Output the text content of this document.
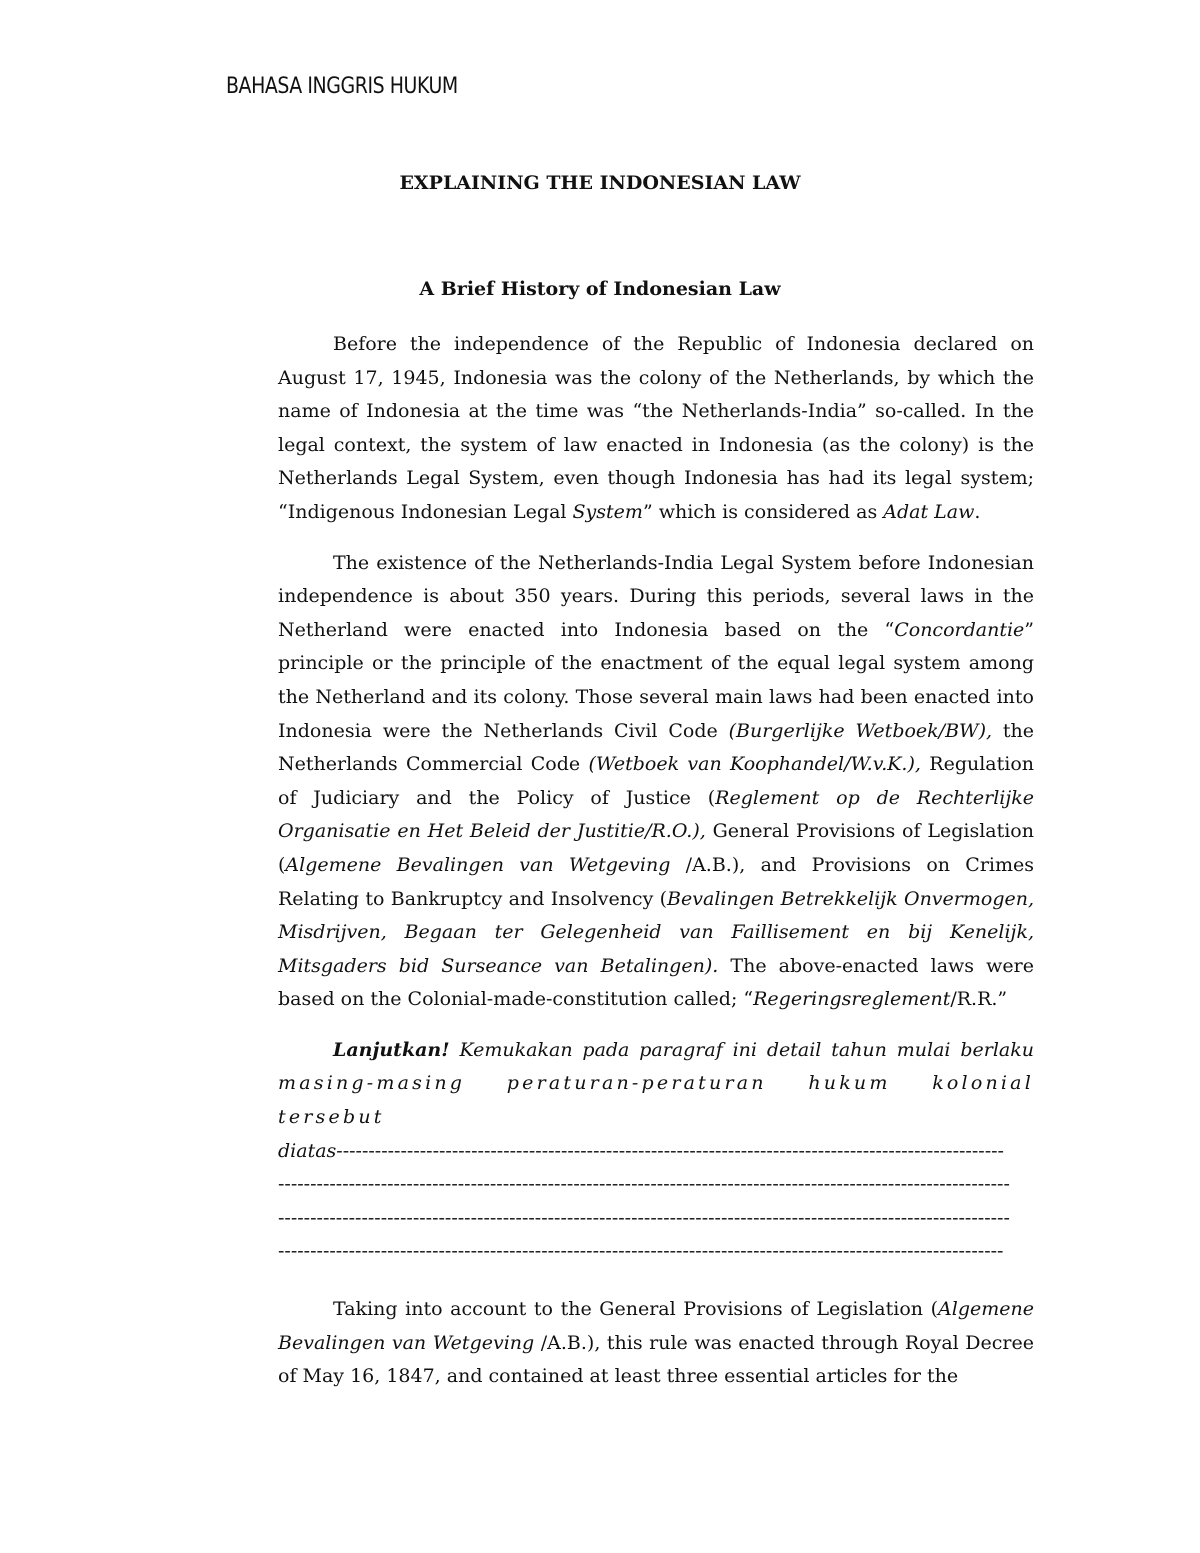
BAHASA INGGRIS HUKUM
EXPLAINING THE INDONESIAN LAW
A Brief History of Indonesian Law

Before the independence of the Republic of Indonesia declared on August 17, 1945, Indonesia was the colony of the Netherlands, by which the name of Indonesia at the time was “the Netherlands-India” so-called. In the legal context, the system of law enacted in Indonesia (as the colony) is the Netherlands Legal System, even though Indonesia has had its legal system; “Indigenous Indonesian Legal System” which is considered as Adat Law.

The existence of the Netherlands-India Legal System before Indonesian independence is about 350 years. During this periods, several laws in the Netherland were enacted into Indonesia based on the “Concordantie” principle or the principle of the enactment of the equal legal system among the Netherland and its colony. Those several main laws had been enacted into Indonesia were the Netherlands Civil Code (Burgerlijke Wetboek/BW), the Netherlands Commercial Code (Wetboek van Koophandel/W.v.K.), Regulation of Judiciary and the Policy of Justice (Reglement op de Rechterlijke Organisatie en Het Beleid der Justitie/R.O.), General Provisions of Legislation (Algemene Bevalingen van Wetgeving /A.B.), and Provisions on Crimes Relating to Bankruptcy and Insolvency (Bevalingen Betrekkelijk Onvermogen, Misdrijven, Begaan ter Gelegenheid van Faillisement en bij Kenelijk, Mitsgaders bid Surseance van Betalingen). The above-enacted laws were based on the Colonial-made-constitution called; “Regeringsreglement/R.R.”

Lanjutkan! Kemukakan pada paragraf ini detail tahun mulai berlaku
masing-masing peraturan-peraturan hukum kolonial tersebut
diatas--------------------------------------------------------------------------------------------------------
------------------------------------------------------------------------------------------------------------------
------------------------------------------------------------------------------------------------------------------
-----------------------------------------------------------------------------------------------------------------

Taking into account to the General Provisions of Legislation (Algemene Bevalingen van Wetgeving /A.B.), this rule was enacted through Royal Decree of May 16, 1847, and contained at least three essential articles for the
